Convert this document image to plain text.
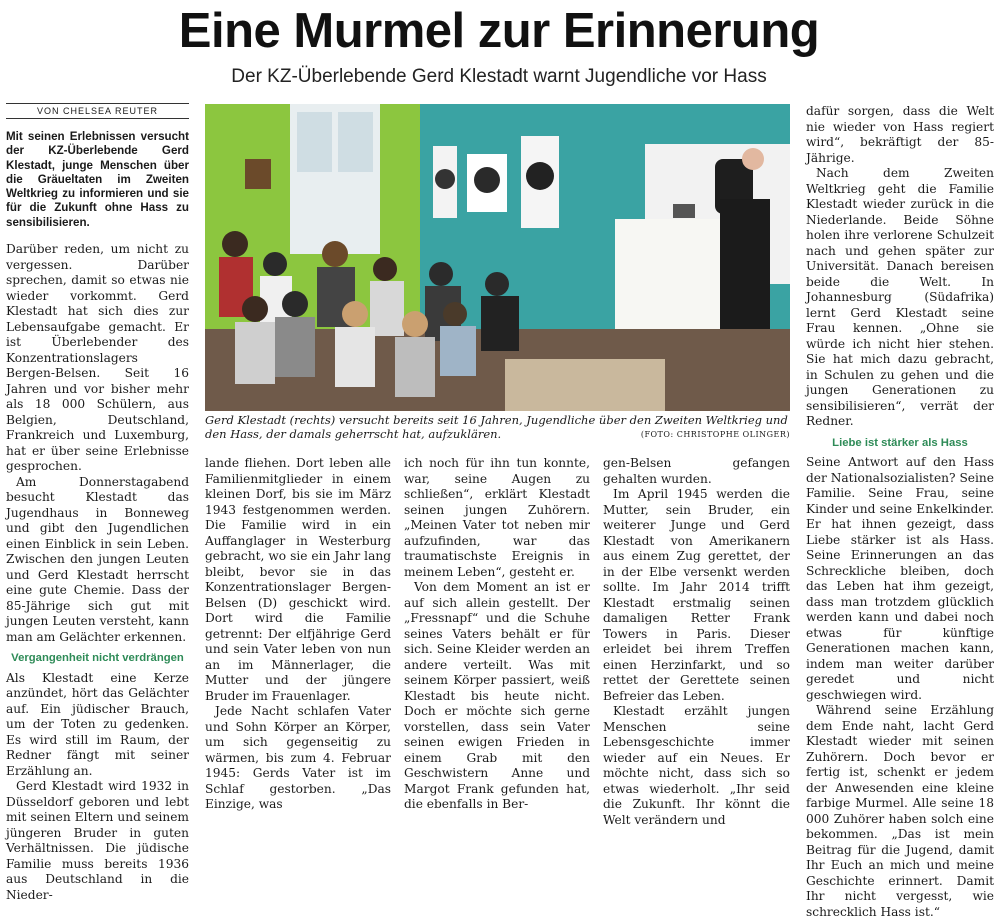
Eine Murmel zur Erinnerung
Der KZ-Überlebende Gerd Klestadt warnt Jugendliche vor Hass
VON CHELSEA REUTER

Mit seinen Erlebnissen versucht der KZ-Überlebende Gerd Klestadt, junge Menschen über die Gräueltaten im Zweiten Weltkrieg zu informieren und sie für die Zukunft ohne Hass zu sensibilisieren.

Darüber reden, um nicht zu vergessen. Darüber sprechen, damit so etwas nie wieder vorkommt. Gerd Klestadt hat sich dies zur Lebensaufgabe gemacht. Er ist Überlebender des Konzentrationslagers Bergen-Belsen. Seit 16 Jahren und vor bisher mehr als 18 000 Schülern, aus Belgien, Deutschland, Frankreich und Luxemburg, hat er über seine Erlebnisse gesprochen.

Am Donnerstagabend besucht Klestadt das Jugendhaus in Bonneweg und gibt den Jugendlichen einen Einblick in sein Leben. Zwischen den jungen Leuten und Gerd Klestadt herrscht eine gute Chemie. Dass der 85-Jährige sich gut mit jungen Leuten versteht, kann man am Gelächter erkennen.

Vergangenheit nicht verdrängen

Als Klestadt eine Kerze anzündet, hört das Gelächter auf. Ein jüdischer Brauch, um der Toten zu gedenken. Es wird still im Raum, der Redner fängt mit seiner Erzählung an.

Gerd Klestadt wird 1932 in Düsseldorf geboren und lebt mit seinen Eltern und seinem jüngeren Bruder in guten Verhältnissen. Die jüdische Familie muss bereits 1936 aus Deutschland in die Nieder-

Gerd Klestadt (rechts) versucht bereits seit 16 Jahren, Jugendliche über den Zweiten Weltkrieg und den Hass, der damals geherrscht hat, aufzuklären.	(FOTO: CHRISTOPHE OLINGER)

lande fliehen. Dort leben alle Familienmitglieder in einem kleinen Dorf, bis sie im März 1943 festgenommen werden. Die Familie wird in ein Auffanglager in Westerburg gebracht, wo sie ein Jahr lang bleibt, bevor sie in das Konzentrationslager Bergen-Belsen (D) geschickt wird. Dort wird die Familie getrennt: Der elfjährige Gerd und sein Vater leben von nun an im Männerlager, die Mutter und der jüngere Bruder im Frauenlager.

Jede Nacht schlafen Vater und Sohn Körper an Körper, um sich gegenseitig zu wärmen, bis zum 4. Februar 1945: Gerds Vater ist im Schlaf gestorben. „Das Einzige, was

ich noch für ihn tun konnte, war, seine Augen zu schließen“, erklärt Klestadt seinen jungen Zuhörern. „Meinen Vater tot neben mir aufzufinden, war das traumatischste Ereignis in meinem Leben“, gesteht er.

Von dem Moment an ist er auf sich allein gestellt. Der „Fressnapf“ und die Schuhe seines Vaters behält er für sich. Seine Kleider werden an andere verteilt. Was mit seinem Körper passiert, weiß Klestadt bis heute nicht. Doch er möchte sich gerne vorstellen, dass sein Vater seinen ewigen Frieden in einem Grab mit den Geschwistern Anne und Margot Frank gefunden hat, die ebenfalls in Ber-

gen-Belsen gefangen gehalten wurden.

Im April 1945 werden die Mutter, sein Bruder, ein weiterer Junge und Gerd Klestadt von Amerikanern aus einem Zug gerettet, der in der Elbe versenkt werden sollte. Im Jahr 2014 trifft Klestadt erstmalig seinen damaligen Retter Frank Towers in Paris. Dieser erleidet bei ihrem Treffen einen Herzinfarkt, und so rettet der Gerettete seinen Befreier das Leben.

Klestadt erzählt jungen Menschen seine Lebensgeschichte immer wieder auf ein Neues. Er möchte nicht, dass sich so etwas wiederholt. „Ihr seid die Zukunft. Ihr könnt die Welt verändern und

dafür sorgen, dass die Welt nie wieder von Hass regiert wird“, bekräftigt der 85-Jährige.

Nach dem Zweiten Weltkrieg geht die Familie Klestadt wieder zurück in die Niederlande. Beide Söhne holen ihre verlorene Schulzeit nach und gehen später zur Universität. Danach bereisen beide die Welt. In Johannesburg (Südafrika) lernt Gerd Klestadt seine Frau kennen. „Ohne sie würde ich nicht hier stehen. Sie hat mich dazu gebracht, in Schulen zu gehen und die jungen Generationen zu sensibilisieren“, verrät der Redner.

Liebe ist stärker als Hass

Seine Antwort auf den Hass der Nationalsozialisten? Seine Familie. Seine Frau, seine Kinder und seine Enkelkinder. Er hat ihnen gezeigt, dass Liebe stärker ist als Hass. Seine Erinnerungen an das Schreckliche bleiben, doch das Leben hat ihm gezeigt, dass man trotzdem glücklich werden kann und dabei noch etwas für künftige Generationen machen kann, indem man weiter darüber geredet und nicht geschwiegen wird.

Während seine Erzählung dem Ende naht, lacht Gerd Klestadt wieder mit seinen Zuhörern. Doch bevor er fertig ist, schenkt er jedem der Anwesenden eine kleine farbige Murmel. Alle seine 18 000 Zuhörer haben solch eine bekommen. „Das ist mein Beitrag für die Jugend, damit Ihr Euch an mich und meine Geschichte erinnert. Damit Ihr nicht vergesst, wie schrecklich Hass ist.“
